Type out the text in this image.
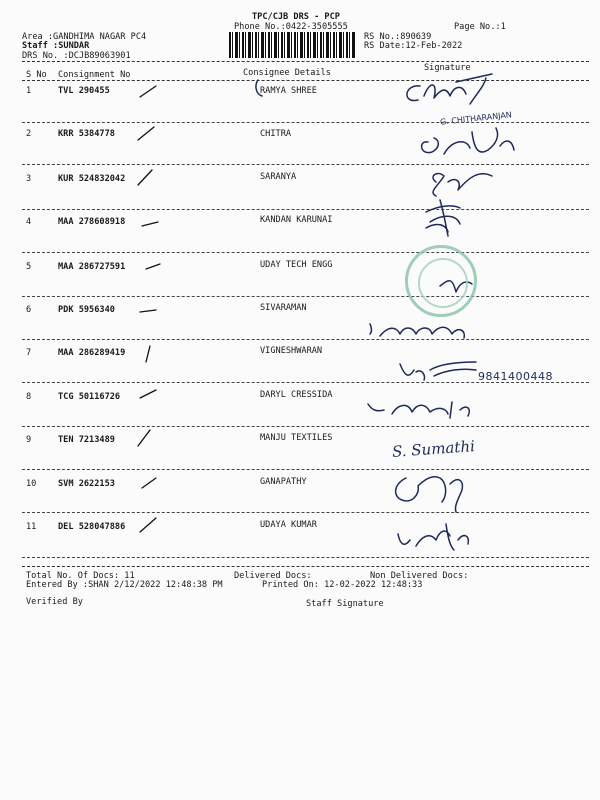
TPC/CJB DRS - PCP
Phone No.:0422-3505555	Page No.:1
Area :GANDHIMA NAGAR PC4
Staff :SUNDAR
DRS No. :DCJB89063901
RS No.:890639
RS Date:12-Feb-2022
S No Consignment No	Consignee Details	Signature
1	TVL 290455	RAMYA SHREE
G. CHITHARANJAN
2	KRR 5384778	CHITRA
3	KUR 524832042	SARANYA
4	MAA 278608918	KANDAN KARUNAI
5	MAA 286727591	UDAY TECH ENGG
6	PDK 5956340	SIVARAMAN
7	MAA 286289419	VIGNESHWARAN
9841400448
8	TCG 50116726	DARYL CRESSIDA
9	TEN 7213489	MANJU TEXTILES	S. Sumathi
10	SVM 2622153	GANAPATHY
11	DEL 528047886	UDAYA KUMAR
Total No. Of Docs: 11	Delivered Docs:	Non Delivered Docs:
Entered By :SHAN 2/12/2022 12:48:38 PM	Printed On: 12-02-2022 12:48:33
Verified By	Staff Signature
